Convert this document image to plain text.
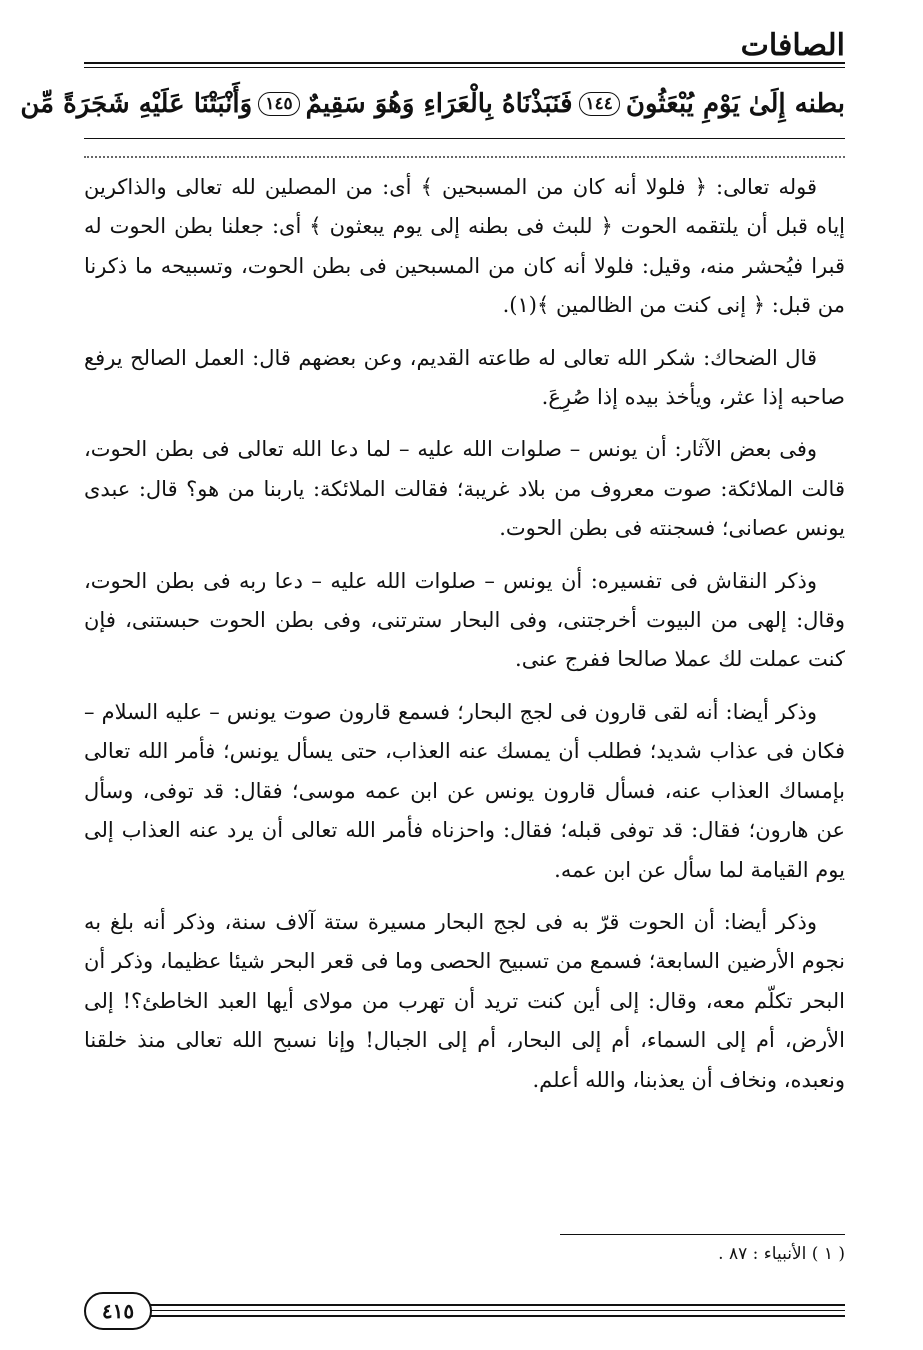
الصافات
بطنه إِلَىٰ يَوْمِ يُبْعَثُونَ
١٤٤
فَنَبَذْنَاهُ بِالْعَرَاءِ وَهُوَ سَقِيمٌ
١٤٥
وَأَنْبَتْنَا عَلَيْهِ شَجَرَةً مِّن

قوله تعالى: ﴿ فلولا أنه كان من المسبحين ﴾ أى: من المصلين لله تعالى والذاكرين إياه قبل أن يلتقمه الحوت ﴿ للبث فى بطنه إلى يوم يبعثون ﴾ أى: جعلنا بطن الحوت له قبرا فيُحشر منه، وقيل: فلولا أنه كان من المسبحين فى بطن الحوت، وتسبيحه ما ذكرنا من قبل: ﴿ إنى كنت من الظالمين ﴾(١).

قال الضحاك: شكر الله تعالى له طاعته القديم، وعن بعضهم قال: العمل الصالح يرفع صاحبه إذا عثر، ويأخذ بيده إذا صُرِعَ.

وفى بعض الآثار: أن يونس – صلوات الله عليه – لما دعا الله تعالى فى بطن الحوت، قالت الملائكة: صوت معروف من بلاد غريبة؛ فقالت الملائكة: ياربنا من هو؟ قال: عبدى يونس عصانى؛ فسجنته فى بطن الحوت.

وذكر النقاش فى تفسيره: أن يونس – صلوات الله عليه – دعا ربه فى بطن الحوت، وقال: إلهى من البيوت أخرجتنى، وفى البحار سترتنى، وفى بطن الحوت حبستنى، فإن كنت عملت لك عملا صالحا ففرج عنى.

وذكر أيضا: أنه لقى قارون فى لجج البحار؛ فسمع قارون صوت يونس – عليه السلام – فكان فى عذاب شديد؛ فطلب أن يمسك عنه العذاب، حتى يسأل يونس؛ فأمر الله تعالى بإمساك العذاب عنه، فسأل قارون يونس عن ابن عمه موسى؛ فقال: قد توفى، وسأل عن هارون؛ فقال: قد توفى قبله؛ فقال: واحزناه فأمر الله تعالى أن يرد عنه العذاب إلى يوم القيامة لما سأل عن ابن عمه.

وذكر أيضا: أن الحوت قرّ به فى لجج البحار مسيرة ستة آلاف سنة، وذكر أنه بلغ به نجوم الأرضين السابعة؛ فسمع من تسبيح الحصى وما فى قعر البحر شيئا عظيما، وذكر أن البحر تكلّم معه، وقال: إلى أين كنت تريد أن تهرب من مولاى أيها العبد الخاطئ؟! إلى الأرض، أم إلى السماء، أم إلى البحار، أم إلى الجبال! وإنا نسبح الله تعالى منذ خلقنا ونعبده، ونخاف أن يعذبنا، والله أعلم.

( ١ ) الأنبياء : ٨٧ .
٤١٥
